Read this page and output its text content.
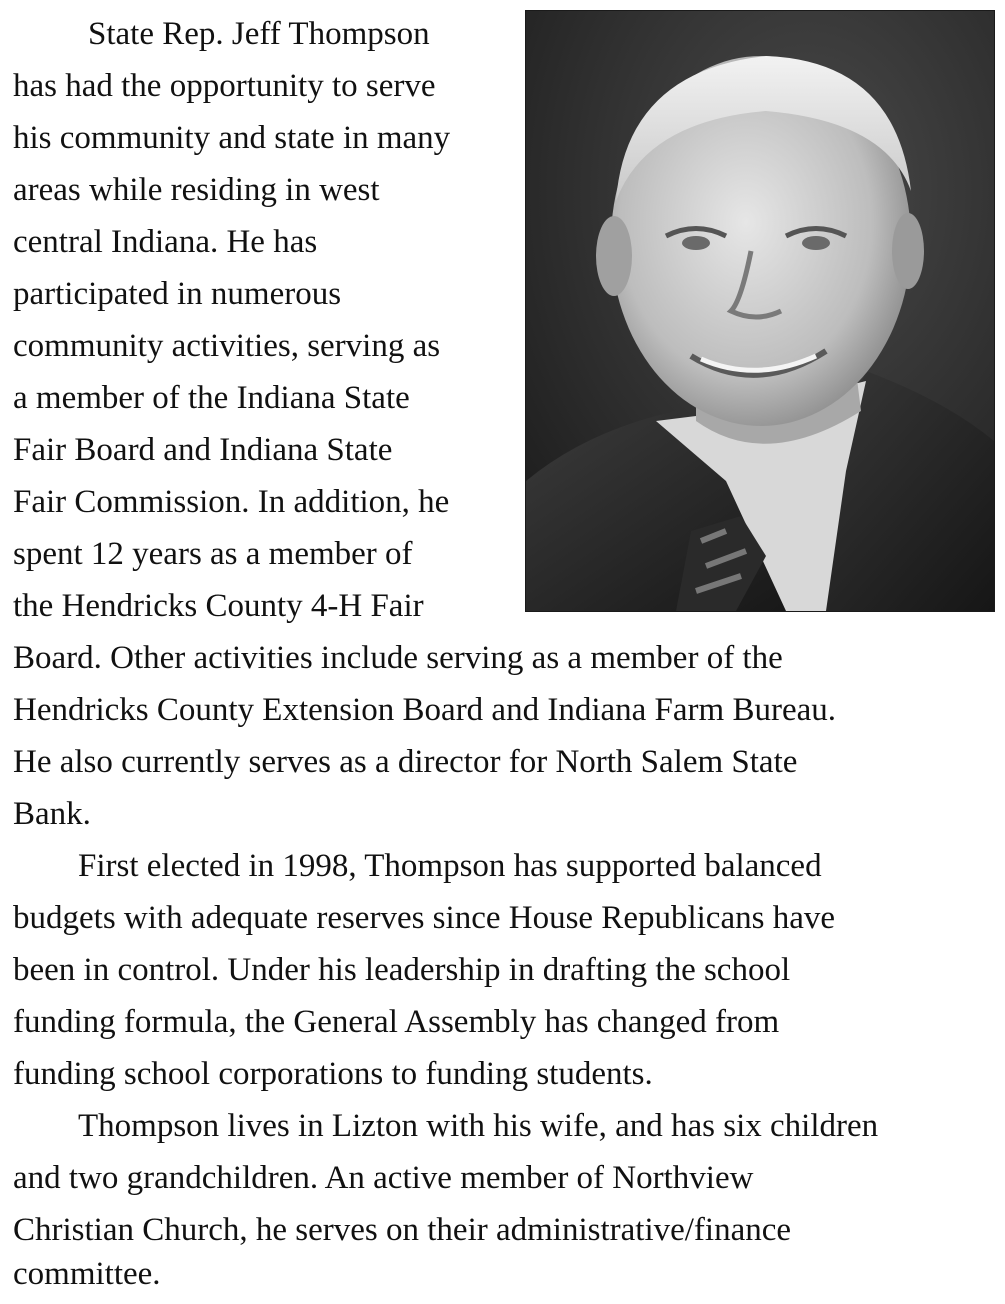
State Rep. Jeff Thompson
has had the opportunity to serve
his community and state in many
areas while residing in west
central Indiana. He has
participated in numerous
community activities, serving as
a member of the Indiana State
Fair Board and Indiana State
Fair Commission. In addition, he
spent 12 years as a member of
the Hendricks County 4-H Fair
Board. Other activities include serving as a member of the
Hendricks County Extension Board and Indiana Farm Bureau.
He also currently serves as a director for North Salem State
Bank.
First elected in 1998, Thompson has supported balanced
budgets with adequate reserves since House Republicans have
been in control. Under his leadership in drafting the school
funding formula, the General Assembly has changed from
funding school corporations to funding students.
Thompson lives in Lizton with his wife, and has six children
and two grandchildren. An active member of Northview
Christian Church, he serves on their administrative/finance
committee.
